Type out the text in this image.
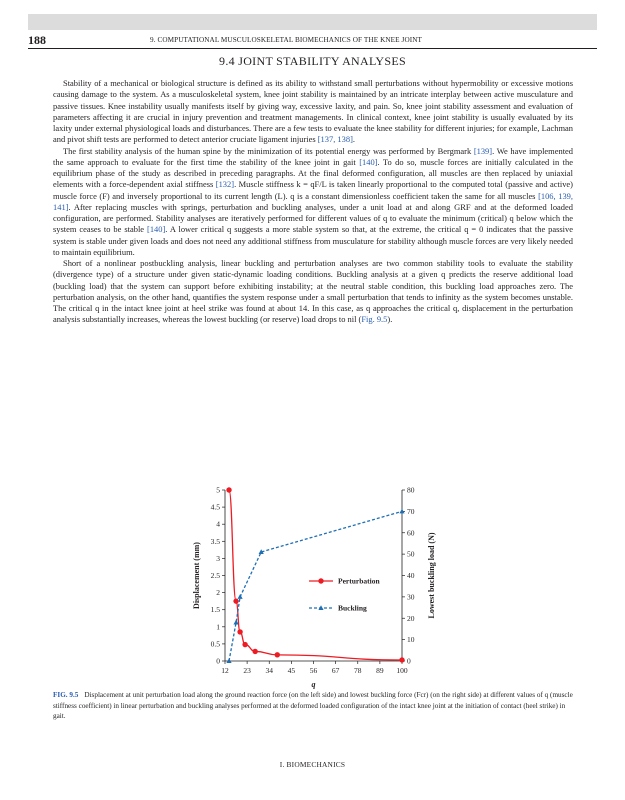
188	9. COMPUTATIONAL MUSCULOSKELETAL BIOMECHANICS OF THE KNEE JOINT
9.4 JOINT STABILITY ANALYSES

Stability of a mechanical or biological structure is defined as its ability to withstand small perturbations without hypermobility or excessive motions causing damage to the system. As a musculoskeletal system, knee joint stability is maintained by an intricate interplay between active musculature and passive tissues. Knee instability usually manifests itself by giving way, excessive laxity, and pain. So, knee joint stability assessment and evaluation of parameters affecting it are crucial in injury prevention and treatment managements. In clinical context, knee joint stability is usually evaluated by its laxity under external physiological loads and disturbances. There are a few tests to evaluate the knee stability for different injuries; for example, Lachman and pivot shift tests are performed to detect anterior cruciate ligament injuries [137, 138].

The first stability analysis of the human spine by the minimization of its potential energy was performed by Bergmark [139]. We have implemented the same approach to evaluate for the first time the stability of the knee joint in gait [140]. To do so, muscle forces are initially calculated in the equilibrium phase of the study as described in preceding paragraphs. At the final deformed configuration, all muscles are then replaced by uniaxial elements with a force-dependent axial stiffness [132]. Muscle stiffness k = qF/L is taken linearly proportional to the computed total (passive and active) muscle force (F) and inversely proportional to its current length (L). q is a constant dimensionless coefficient taken the same for all muscles [106, 139, 141]. After replacing muscles with springs, perturbation and buckling analyses, under a unit load at and along GRF and at the deformed loaded configuration, are performed. Stability analyses are iteratively performed for different values of q to evaluate the minimum (critical) q below which the system ceases to be stable [140]. A lower critical q suggests a more stable system so that, at the extreme, the critical q = 0 indicates that the passive system is stable under given loads and does not need any additional stiffness from musculature for stability although muscle forces are very likely needed to maintain equilibrium.

Short of a nonlinear postbuckling analysis, linear buckling and perturbation analyses are two common stability tools to evaluate the stability (divergence type) of a structure under given static-dynamic loading conditions. Buckling analysis at a given q predicts the reserve additional load (buckling load) that the system can support before exhibiting instability; at the neutral stable condition, this buckling load approaches zero. The perturbation analysis, on the other hand, quantifies the system response under a small perturbation that tends to infinity as the system becomes unstable. The critical q in the intact knee joint at heel strike was found at about 14. In this case, as q approaches the critical q, displacement in the perturbation analysis substantially increases, whereas the lowest buckling (or reserve) load drops to nil (Fig. 9.5).

0
0.5
1
1.5
2
2.5
3
3.5
4
4.5
5
0
10
20
30
40
50
60
70
80
12 23 34 45 56 67 78 89 100
q
Displacement (mm)	Lowest buckling load (N)
Perturbation
Buckling
FIG. 9.5 Displacement at unit perturbation load along the ground reaction force (on the left side) and lowest buckling force (Fcr) (on the right side) at different values of q (muscle stiffness coefficient) in linear perturbation and buckling analyses performed at the deformed loaded configuration of the intact knee joint at the initiation of contact (heel strike) in gait.
I. BIOMECHANICS
